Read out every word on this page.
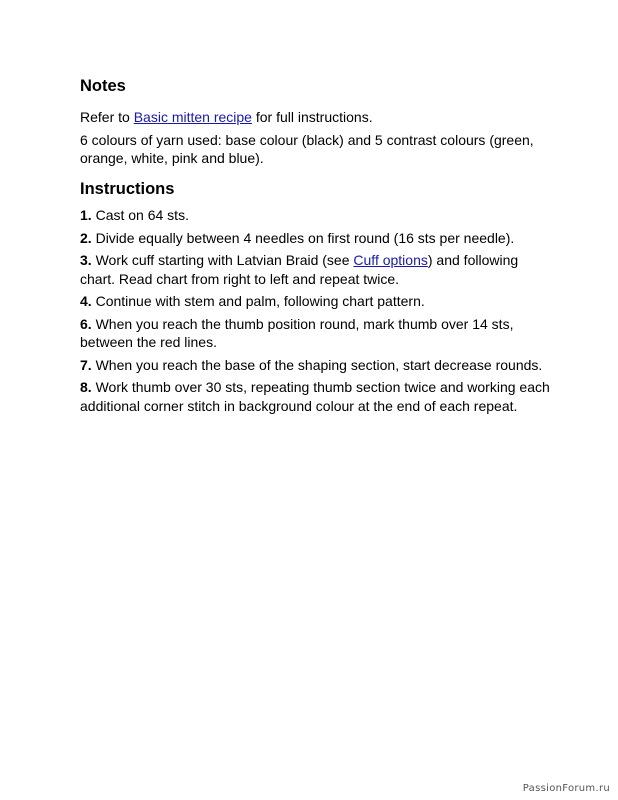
Notes

Refer to Basic mitten recipe for full instructions.

6 colours of yarn used: base colour (black) and 5 contrast colours (green, orange, white, pink and blue).

Instructions

1. Cast on 64 sts.

2. Divide equally between 4 needles on first round (16 sts per needle).

3. Work cuff starting with Latvian Braid (see Cuff options) and following chart. Read chart from right to left and repeat twice.

4. Continue with stem and palm, following chart pattern.

6. When you reach the thumb position round, mark thumb over 14 sts, between the red lines.

7. When you reach the base of the shaping section, start decrease rounds.

8. Work thumb over 30 sts, repeating thumb section twice and working each additional corner stitch in background colour at the end of each repeat.

PassionForum.ru
